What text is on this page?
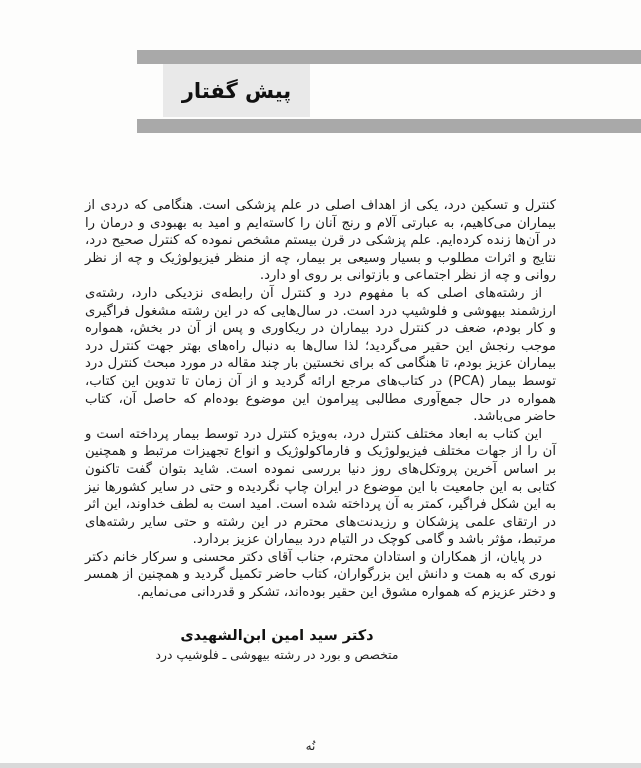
پیش گفتار

کنترل و تسکین درد، یکی از اهداف اصلی در علم پزشکی است. هنگامی که دردی از بیماران می‌کاهیم، به عبارتی آلام و رنج آنان را کاسته‌ایم و امید به بهبودی و درمان را در آن‌ها زنده کرده‌ایم. علم پزشکی در قرن بیستم مشخص نموده که کنترل صحیح درد، نتایج و اثرات مطلوب و بسیار وسیعی بر بیمار، چه از منظر فیزیولوژیک و چه از نظر روانی و چه از نظر اجتماعی و بازتوانی بر روی او دارد.

از رشته‌های اصلی که با مفهوم درد و کنترل آن رابطه‌ی نزدیکی دارد، رشته‌ی ارزشمند بیهوشی و فلوشیپ درد است. در سال‌هایی که در این رشته مشغول فراگیری و کار بودم، ضعف در کنترل درد بیماران در ریکاوری و پس از آن در بخش، همواره موجب رنجش این حقیر می‌گردید؛ لذا سال‌ها به دنبال راه‌های بهتر جهت کنترل درد بیماران عزیز بودم، تا هنگامی که برای نخستین بار چند مقاله در مورد مبحث کنترل درد توسط بیمار (PCA) در کتاب‌های مرجع ارائه گردید و از آن زمان تا تدوین این کتاب، همواره در حال جمع‌آوری مطالبی پیرامون این موضوع بوده‌ام که حاصل آن، کتاب حاضر می‌باشد.

این کتاب به ابعاد مختلف کنترل درد، به‌ویژه کنترل درد توسط بیمار پرداخته است و آن را از جهات مختلف فیزیولوژیک و فارماکولوژیک و انواع تجهیزات مرتبط و همچنین بر اساس آخرین پروتکل‌های روز دنیا بررسی نموده است. شاید بتوان گفت تاکنون کتابی به این جامعیت با این موضوع در ایران چاپ نگردیده و حتی در سایر کشورها نیز به این شکل فراگیر، کمتر به آن پرداخته شده است. امید است به لطف خداوند، این اثر در ارتقای علمی پزشکان و رزیدنت‌های محترم در این رشته و حتی سایر رشته‌های مرتبط، مؤثر باشد و گامی کوچک در التیام درد بیماران عزیز بردارد.

در پایان، از همکاران و استادان محترم، جناب آقای دکتر محسنی و سرکار خانم دکتر نوری که به همت و دانش این بزرگواران، کتاب حاضر تکمیل گردید و همچنین از همسر و دختر عزیزم که همواره مشوق این حقیر بوده‌اند، تشکر و قدردانی می‌نمایم.

دکتر سید امین ابن‌الشهیدی
متخصص و بورد در رشته بیهوشی ـ فلوشیپ درد
نُه
